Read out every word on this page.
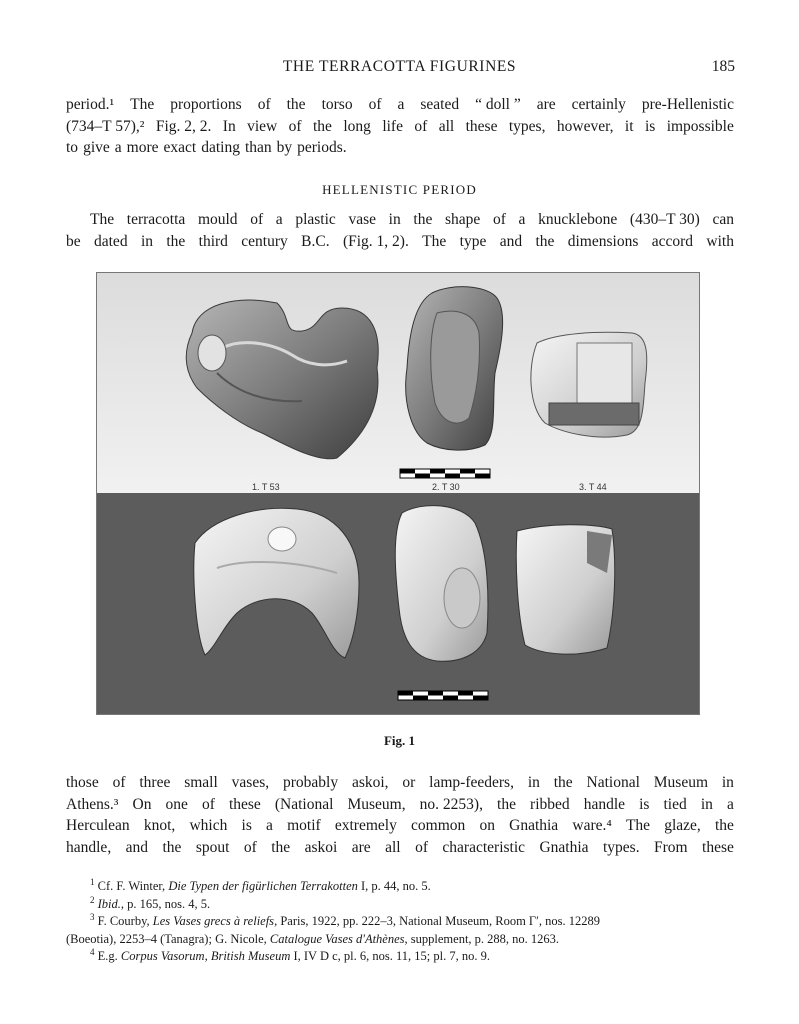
THE TERRACOTTA FIGURINES	185
period.¹ The proportions of the torso of a seated “ doll ” are certainly pre-Hellenistic
(734–T 57),² Fig. 2, 2. In view of the long life of all these types, however, it is impossible
to give a more exact dating than by periods.
HELLENISTIC PERIOD
The terracotta mould of a plastic vase in the shape of a knucklebone (430–T 30) can
be dated in the third century B.C. (Fig. 1, 2). The type and the dimensions accord with
1. T 53	2. T 30	3. T 44
Fig. 1
those of three small vases, probably askoi, or lamp-feeders, in the National Museum in
Athens.³ On one of these (National Museum, no. 2253), the ribbed handle is tied in a
Herculean knot, which is a motif extremely common on Gnathia ware.⁴ The glaze, the
handle, and the spout of the askoi are all of characteristic Gnathia types. From these
$^1$ Cf. F. Winter, Die Typen der figürlichen Terrakotten I, p. 44, no. 5.
$^2$ Ibid., p. 165, nos. 4, 5.
$^3$ F. Courby, Les Vases grecs à reliefs, Paris, 1922, pp. 222–3, National Museum, Room Γ′, nos. 12289
(Boeotia), 2253–4 (Tanagra); G. Nicole, Catalogue Vases d'Athènes, supplement, p. 288, no. 1263.
$^4$ E.g. Corpus Vasorum, British Museum I, IV D c, pl. 6, nos. 11, 15; pl. 7, no. 9.
